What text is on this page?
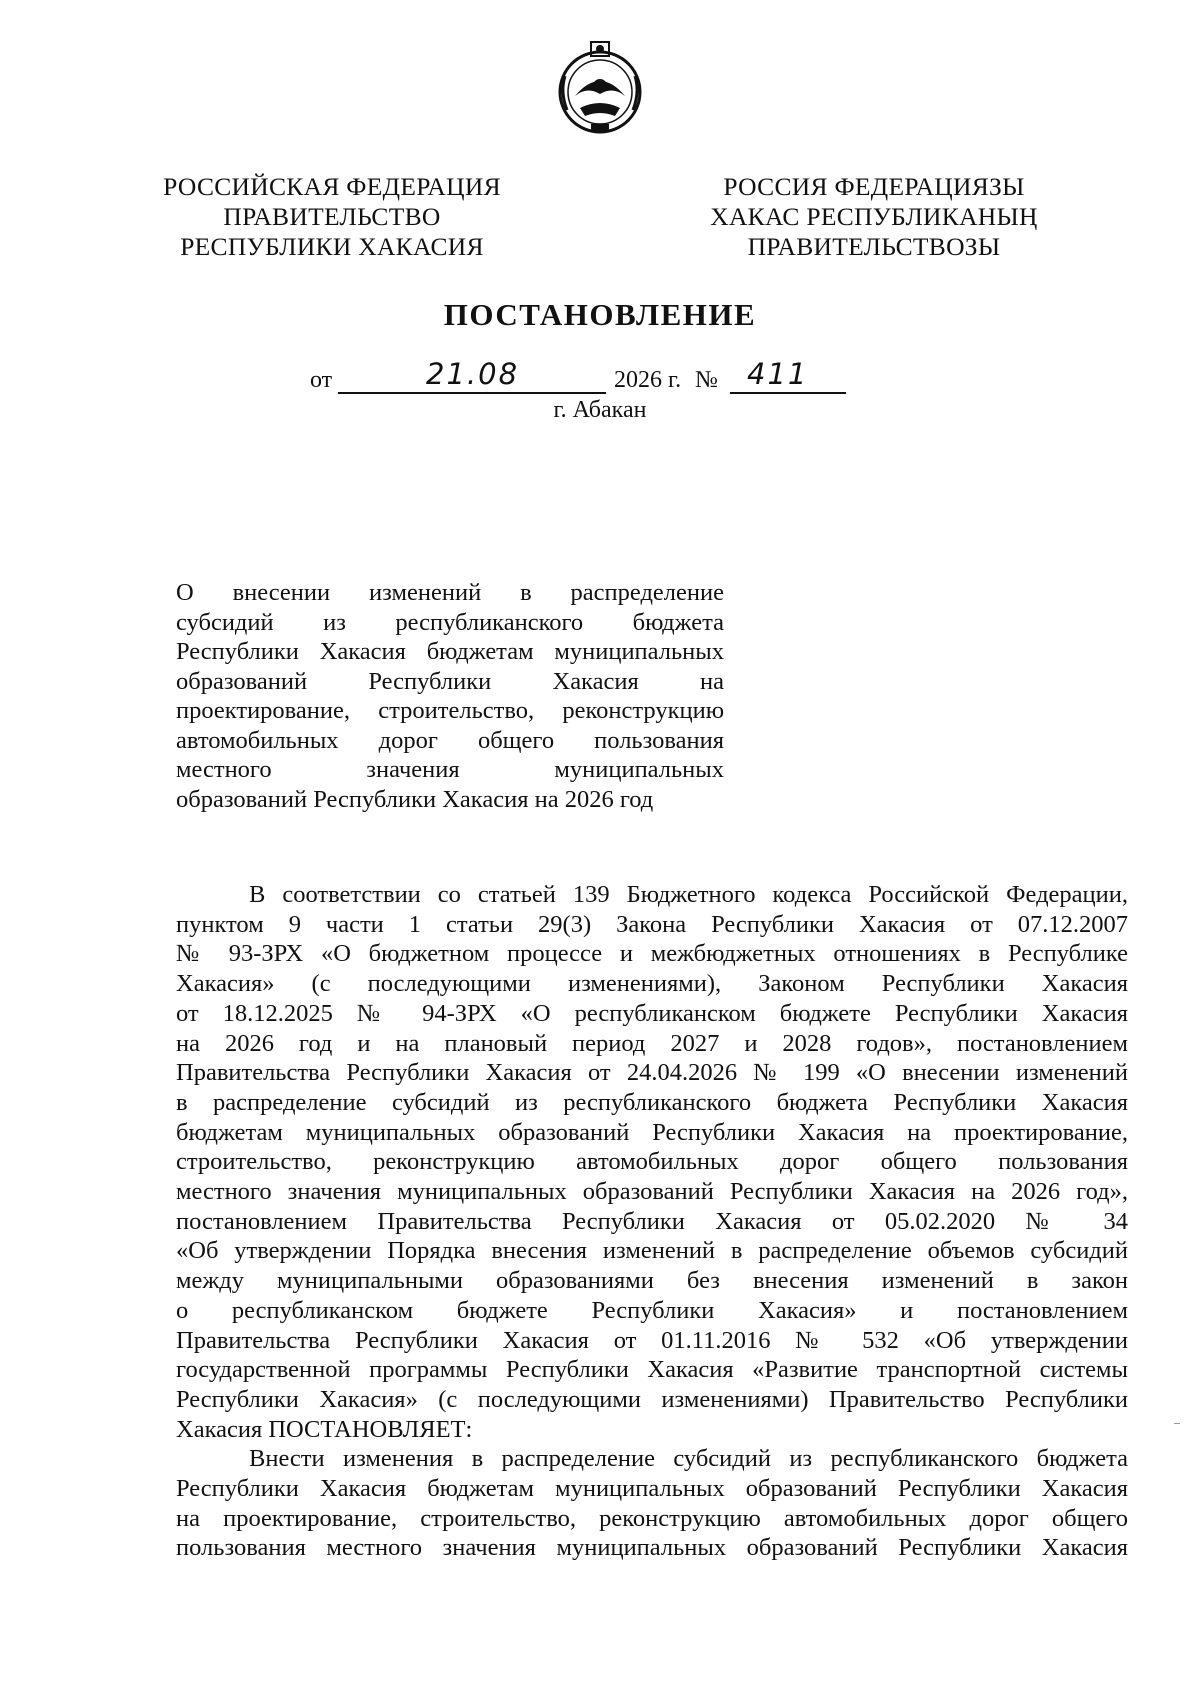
РОССИЙСКАЯ ФЕДЕРАЦИЯ
ПРАВИТЕЛЬСТВО
РЕСПУБЛИКИ ХАКАСИЯ
РОССИЯ ФЕДЕРАЦИЯЗЫ
ХАКАС РЕСПУБЛИКАНЫҢ
ПРАВИТЕЛЬСТВОЗЫ
ПОСТАНОВЛЕНИЕ
от	21.08	2026 г. № 411
г. Абакан
О внесении изменений в распределение
субсидий из республиканского бюджета
Республики Хакасия бюджетам муниципальных
образований Республики Хакасия на
проектирование, строительство, реконструкцию
автомобильных дорог общего пользования
местного значения муниципальных
образований Республики Хакасия на 2026 год
В соответствии со статьей 139 Бюджетного кодекса Российской Федерации,
пунктом 9 части 1 статьи 29(3) Закона Республики Хакасия от 07.12.2007
№ 93-ЗРХ «О бюджетном процессе и межбюджетных отношениях в Республике
Хакасия» (с последующими изменениями), Законом Республики Хакасия
от 18.12.2025 № 94-ЗРХ «О республиканском бюджете Республики Хакасия
на 2026 год и на плановый период 2027 и 2028 годов», постановлением
Правительства Республики Хакасия от 24.04.2026 № 199 «О внесении изменений
в распределение субсидий из республиканского бюджета Республики Хакасия
бюджетам муниципальных образований Республики Хакасия на проектирование,
строительство, реконструкцию автомобильных дорог общего пользования
местного значения муниципальных образований Республики Хакасия на 2026 год»,
постановлением Правительства Республики Хакасия от 05.02.2020 № 34
«Об утверждении Порядка внесения изменений в распределение объемов субсидий
между муниципальными образованиями без внесения изменений в закон
о республиканском бюджете Республики Хакасия» и постановлением
Правительства Республики Хакасия от 01.11.2016 № 532 «Об утверждении
государственной программы Республики Хакасия «Развитие транспортной системы
Республики Хакасия» (с последующими изменениями) Правительство Республики
Хакасия ПОСТАНОВЛЯЕТ:
Внести изменения в распределение субсидий из республиканского бюджета
Республики Хакасия бюджетам муниципальных образований Республики Хакасия
на проектирование, строительство, реконструкцию автомобильных дорог общего
пользования местного значения муниципальных образований Республики Хакасия
